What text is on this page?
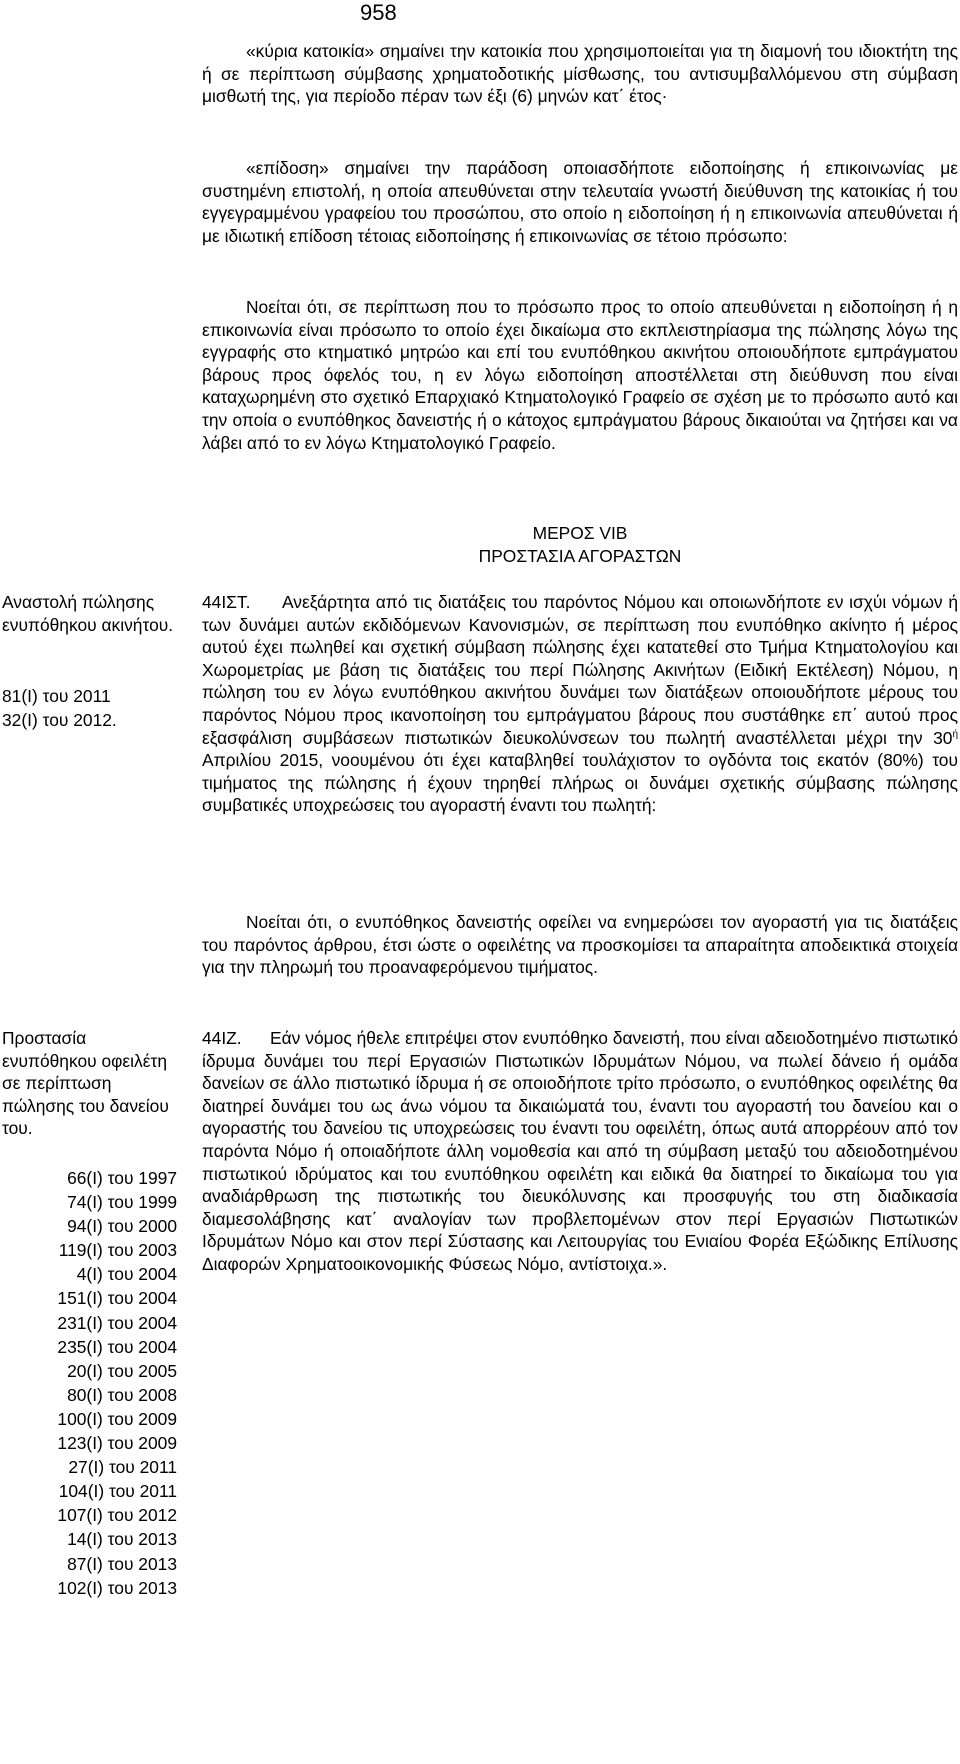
958

«κύρια κατοικία» σημαίνει την κατοικία που χρησιμοποιείται για τη διαμονή του ιδιοκτήτη της ή σε περίπτωση σύμβασης χρηματοδοτικής μίσθωσης, του αντισυμβαλλόμενου στη σύμβαση μισθωτή της, για περίοδο πέραν των έξι (6) μηνών κατ΄ έτος·

«επίδοση» σημαίνει την παράδοση οποιασδήποτε ειδοποίησης ή επικοινωνίας με συστημένη επιστολή, η οποία απευθύνεται στην τελευταία γνωστή διεύθυνση της κατοικίας ή του εγγεγραμμένου γραφείου του προσώπου, στο οποίο η ειδοποίηση ή η επικοινωνία απευθύνεται ή με ιδιωτική επίδοση τέτοιας ειδοποίησης ή επικοινωνίας σε τέτοιο πρόσωπο:

Νοείται ότι, σε περίπτωση που το πρόσωπο προς το οποίο απευθύνεται η ειδοποίηση ή η επικοινωνία είναι πρόσωπο το οποίο έχει δικαίωμα στο εκπλειστηρίασμα της πώλησης λόγω της εγγραφής στο κτηματικό μητρώο και επί του ενυπόθηκου ακινήτου οποιουδήποτε εμπράγματου βάρους προς όφελός του, η εν λόγω ειδοποίηση αποστέλλεται στη διεύθυνση που είναι καταχωρημένη στο σχετικό Επαρχιακό Κτηματολογικό Γραφείο σε σχέση με το πρόσωπο αυτό και την οποία ο ενυπόθηκος δανειστής ή ο κάτοχος εμπράγματου βάρους δικαιούται να ζητήσει και να λάβει από το εν λόγω Κτηματολογικό Γραφείο.

ΜΕΡΟΣ VIB

ΠΡΟΣΤΑΣΙΑ ΑΓΟΡΑΣΤΩΝ

Αναστολή πώλησης ενυπόθηκου ακινήτου.

81(Ι) του 2011
32(Ι) του 2012.

44ΙΣΤ. Ανεξάρτητα από τις διατάξεις του παρόντος Νόμου και οποιωνδήποτε εν ισχύι νόμων ή των δυνάμει αυτών εκδιδόμενων Κανονισμών, σε περίπτωση που ενυπόθηκο ακίνητο ή μέρος αυτού έχει πωληθεί και σχετική σύμβαση πώλησης έχει κατατεθεί στο Τμήμα Κτηματολογίου και Χωρομετρίας με βάση τις διατάξεις του περί Πώλησης Ακινήτων (Ειδική Εκτέλεση) Νόμου, η πώληση του εν λόγω ενυπόθηκου ακινήτου δυνάμει των διατάξεων οποιουδήποτε μέρους του παρόντος Νόμου προς ικανοποίηση του εμπράγματου βάρους που συστάθηκε επ΄ αυτού προς εξασφάλιση συμβάσεων πιστωτικών διευκολύνσεων του πωλητή αναστέλλεται μέχρι την $30^ή$ Απριλίου 2015, νοουμένου ότι έχει καταβληθεί τουλάχιστον το ογδόντα τοις εκατόν (80%) του τιμήματος της πώλησης ή έχουν τηρηθεί πλήρως οι δυνάμει σχετικής σύμβασης πώλησης συμβατικές υποχρεώσεις του αγοραστή έναντι του πωλητή:

Νοείται ότι, ο ενυπόθηκος δανειστής οφείλει να ενημερώσει τον αγοραστή για τις διατάξεις του παρόντος άρθρου, έτσι ώστε ο οφειλέτης να προσκομίσει τα απαραίτητα αποδεικτικά στοιχεία για την πληρωμή του προαναφερόμενου τιμήματος.

Προστασία ενυπόθηκου οφειλέτη σε περίπτωση πώλησης του δανείου του.

66(Ι) του 1997
74(Ι) του 1999
94(Ι) του 2000
119(Ι) του 2003
4(Ι) του 2004
151(Ι) του 2004
231(Ι) του 2004
235(Ι) του 2004
20(Ι) του 2005
80(Ι) του 2008
100(Ι) του 2009
123(Ι) του 2009
27(Ι) του 2011
104(Ι) του 2011
107(Ι) του 2012
14(Ι) του 2013
87(Ι) του 2013
102(Ι) του 2013

44ΙΖ. Εάν νόμος ήθελε επιτρέψει στον ενυπόθηκο δανειστή, που είναι αδειοδοτημένο πιστωτικό ίδρυμα δυνάμει του περί Εργασιών Πιστωτικών Ιδρυμάτων Νόμου, να πωλεί δάνειο ή ομάδα δανείων σε άλλο πιστωτικό ίδρυμα ή σε οποιοδήποτε τρίτο πρόσωπο, ο ενυπόθηκος οφειλέτης θα διατηρεί δυνάμει του ως άνω νόμου τα δικαιώματά του, έναντι του αγοραστή του δανείου και ο αγοραστής του δανείου τις υποχρεώσεις του έναντι του οφειλέτη, όπως αυτά απορρέουν από τον παρόντα Νόμο ή οποιαδήποτε άλλη νομοθεσία και από τη σύμβαση μεταξύ του αδειοδοτημένου πιστωτικού ιδρύματος και του ενυπόθηκου οφειλέτη και ειδικά θα διατηρεί το δικαίωμα του για αναδιάρθρωση της πιστωτικής του διευκόλυνσης και προσφυγής του στη διαδικασία διαμεσολάβησης κατ΄ αναλογίαν των προβλεπομένων στον περί Εργασιών Πιστωτικών Ιδρυμάτων Νόμο και στον περί Σύστασης και Λειτουργίας του Ενιαίου Φορέα Εξώδικης Επίλυσης Διαφορών Χρηματοοικονομικής Φύσεως Νόμο, αντίστοιχα.».
